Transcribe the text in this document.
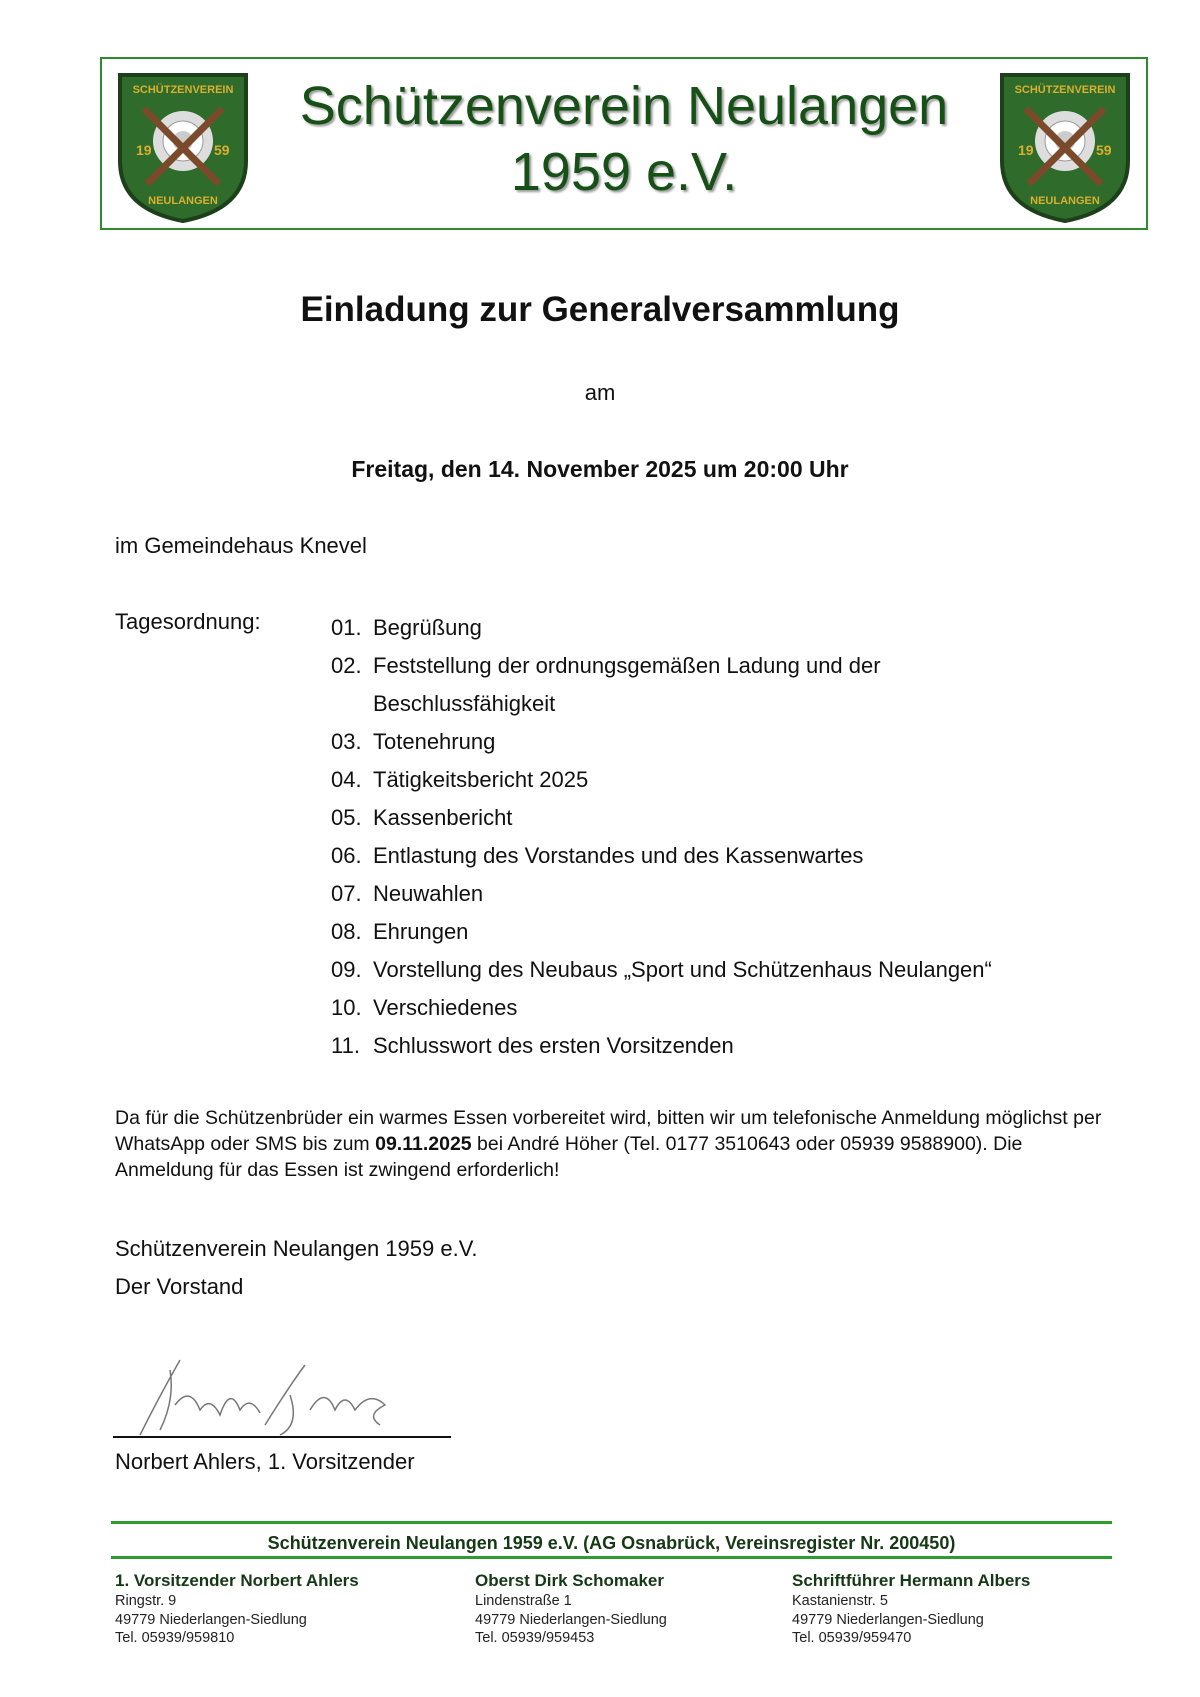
SCHÜTZENVEREIN
19	59
NEULANGEN
Schützenverein Neulangen
1959 e.V.
SCHÜTZENVEREIN
19	59
NEULANGEN
Einladung zur Generalversammlung
am
Freitag, den 14. November 2025 um 20:00 Uhr
im Gemeindehaus Knevel
Tagesordnung:	01. Begrüßung
02. Feststellung der ordnungsgemäßen Ladung und der
Beschlussfähigkeit
03. Totenehrung
04. Tätigkeitsbericht 2025
05. Kassenbericht
06. Entlastung des Vorstandes und des Kassenwartes
07. Neuwahlen
08. Ehrungen
09. Vorstellung des Neubaus „Sport und Schützenhaus Neulangen“
10. Verschiedenes
11. Schlusswort des ersten Vorsitzenden
Da für die Schützenbrüder ein warmes Essen vorbereitet wird, bitten wir um telefonische Anmeldung möglichst per WhatsApp oder SMS bis zum 09.11.2025 bei André Höher (Tel. 0177 3510643 oder 05939 9588900). Die Anmeldung für das Essen ist zwingend erforderlich!
Schützenverein Neulangen 1959 e.V.
Der Vorstand
Norbert Ahlers, 1. Vorsitzender
Schützenverein Neulangen 1959 e.V. (AG Osnabrück, Vereinsregister Nr. 200450)
1. Vorsitzender Norbert Ahlers
Ringstr. 9
49779 Niederlangen-Siedlung
Tel. 05939/959810
Oberst Dirk Schomaker
Lindenstraße 1
49779 Niederlangen-Siedlung
Tel. 05939/959453
Schriftführer Hermann Albers
Kastanienstr. 5
49779 Niederlangen-Siedlung
Tel. 05939/959470
